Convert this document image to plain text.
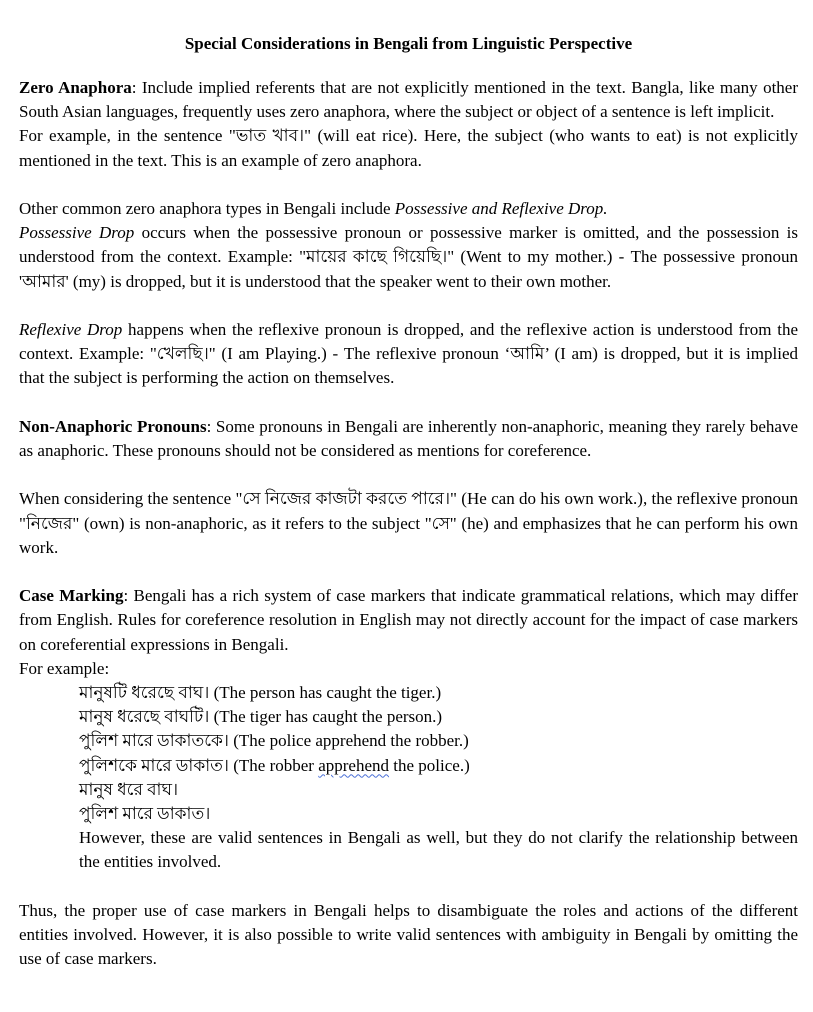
Special Considerations in Bengali from Linguistic Perspective

Zero Anaphora: Include implied referents that are not explicitly mentioned in the text. Bangla, like many other South Asian languages, frequently uses zero anaphora, where the subject or object of a sentence is left implicit.

For example, in the sentence "ভাত খাব।" (will eat rice). Here, the subject (who wants to eat) is not explicitly mentioned in the text. This is an example of zero anaphora.

Other common zero anaphora types in Bengali include Possessive and Reflexive Drop.

Possessive Drop occurs when the possessive pronoun or possessive marker is omitted, and the possession is understood from the context. Example: "মায়ের কাছে গিয়েছি।" (Went to my mother.) - The possessive pronoun 'আমার' (my) is dropped, but it is understood that the speaker went to their own mother.

Reflexive Drop happens when the reflexive pronoun is dropped, and the reflexive action is understood from the context. Example: "খেলছি।" (I am Playing.) - The reflexive pronoun ‘আমি’ (I am) is dropped, but it is implied that the subject is performing the action on themselves.

Non-Anaphoric Pronouns: Some pronouns in Bengali are inherently non-anaphoric, meaning they rarely behave as anaphoric. These pronouns should not be considered as mentions for coreference.

When considering the sentence "সে নিজের কাজটা করতে পারে।" (He can do his own work.), the reflexive pronoun "নিজের" (own) is non-anaphoric, as it refers to the subject "সে" (he) and emphasizes that he can perform his own work.

Case Marking: Bengali has a rich system of case markers that indicate grammatical relations, which may differ from English. Rules for coreference resolution in English may not directly account for the impact of case markers on coreferential expressions in Bengali.

For example:

মানুষটি ধরেছে বাঘ। (The person has caught the tiger.)
মানুষ ধরেছে বাঘটি। (The tiger has caught the person.)
পুলিশ মারে ডাকাতকে। (The police apprehend the robber.)
পুলিশকে মারে ডাকাত। (The robber apprehend the police.)
মানুষ ধরে বাঘ।
পুলিশ মারে ডাকাত।

However, these are valid sentences in Bengali as well, but they do not clarify the relationship between the entities involved.

Thus, the proper use of case markers in Bengali helps to disambiguate the roles and actions of the different entities involved. However, it is also possible to write valid sentences with ambiguity in Bengali by omitting the use of case markers.
